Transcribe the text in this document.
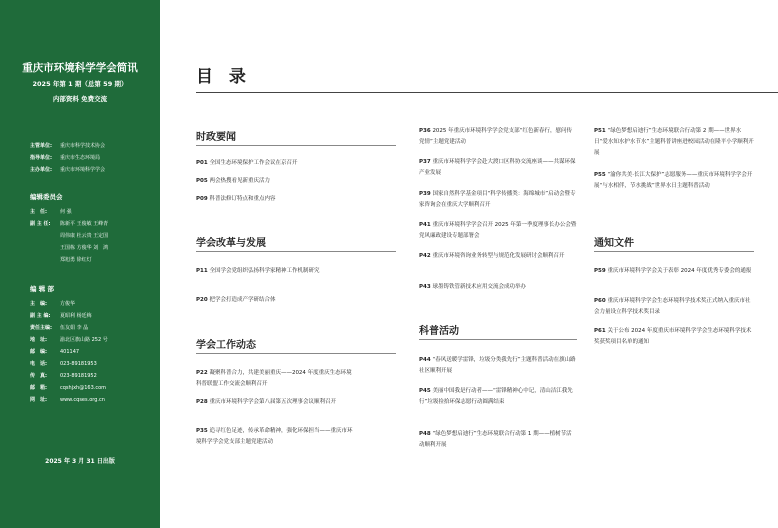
重庆市环境科学学会简讯
2025 年第 1 期（总第 59 期）
内部资料 免费交流
主管单位: 重庆市科学技术协会
指导单位: 重庆市生态环境局
主办单位: 重庆市环境科学学会
编辑委员会
主　任:	何 强
副 主 任: 陈新平 王俊敏 王峰青
周伟康 杜云贵 王定国
王国栋 方俊华 刘　鸿
郑旭勇 徐红灯
编 辑 部
主　编:	方俊华
副 主 编: 夏昭利 杨廷梅
责任主编: 伍友娟 李 晶
地　址:	渝北区旗山路 252 号
邮　编:	401147
电　话:	023-89181953
传　真:	023-89181952
邮　箱:	cqshjxh@163.com
网　址:	www.cqses.org.cn
2025 年 3 月 31 日出版
目 录
时政要闻
P01 全国生态环境保护工作会议在京召开
P05 两会热搜看见新重庆活力
P09 科普法修订特点和重点内容
学会改革与发展
P11 全国学会党组织弘扬科学家精神工作机制研究
P20 把学会打造成产学研结合体
学会工作动态
P22 凝聚科普合力，共建美丽重庆——2024 年度重庆生态环境科普联盟工作交流会顺利召开
P28 重庆市环境科学学会第八届第五次理事会议顺利召开
P35 追寻红色足迹，传承革命精神，强化环保担当——重庆市环境科学学会党支部主题党建活动
P36 2025 年重庆市环境科学学会党支部“红色新春行，慰问传党情”主题党建活动
P37 重庆市环境科学学会赴大渡口区科协交流座谈——共谋环保产业发展
P39 国家自然科学基金项目“科学传播类：海绵城市”启动会暨专家咨询会在重庆大学顺利召开
P41 重庆市环境科学学会召开 2025 年第一季度理事长办公会暨党风廉政建设专题部署会
P42 重庆市环境咨询业务转型与规范化发展研讨会顺利召开
P43 球墨铸铁管新技术应用交流会成功举办
科普活动
P44 “春风送暖学雷锋，垃圾分类我先行”主题科普活动在旗山路社区顺利开展
P45 美丽中国我是行动者——“雷锋精神心中记，清山洁江我先行”垃圾捡拾环保志愿行动圆满结束
P48 “绿色梦想启迪行”生态环境联合行动第 1 期——植树节活动顺利开展
P51 “绿色梦想启迪行”生态环境联合行动第 2 期——世界水日“爱水知水护水节水”主题科普讲座进校园活动在隆平小学顺利开展
P55 “渝你共美·长江大保护”志愿服务——重庆市环境科学学会开展“与水相伴，节水挑战”世界水日主题科普活动
通知文件
P59 重庆市环境科学学会关于表彰 2024 年度优秀专委会的通报
P60 重庆市环境科学学会生态环境科学技术奖正式纳入重庆市社会力量设立科学技术奖目录
P61 关于公布 2024 年度重庆市环境科学学会生态环境科学技术奖获奖项目名单的通知
